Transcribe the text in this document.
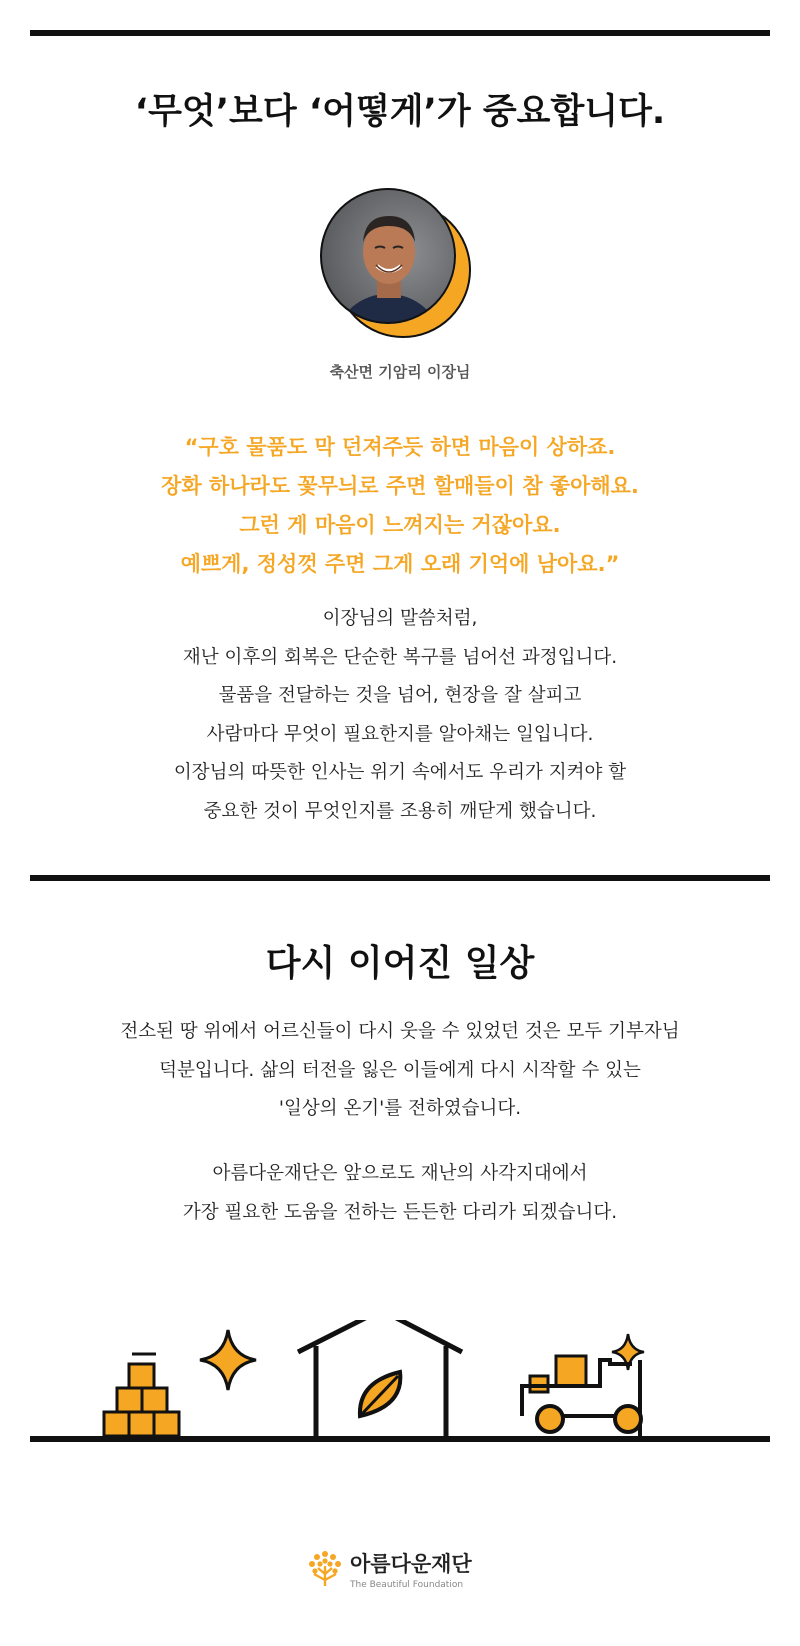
‘무엇’보다 ‘어떻게’가 중요합니다.
축산면 기암리 이장님
“구호 물품도 막 던져주듯 하면 마음이 상하죠.
장화 하나라도 꽃무늬로 주면 할매들이 참 좋아해요.
그런 게 마음이 느껴지는 거잖아요.
예쁘게, 정성껏 주면 그게 오래 기억에 남아요.”
이장님의 말씀처럼,
재난 이후의 회복은 단순한 복구를 넘어선 과정입니다.
물품을 전달하는 것을 넘어, 현장을 잘 살피고
사람마다 무엇이 필요한지를 알아채는 일입니다.
이장님의 따뜻한 인사는 위기 속에서도 우리가 지켜야 할
중요한 것이 무엇인지를 조용히 깨닫게 했습니다.
다시 이어진 일상
전소된 땅 위에서 어르신들이 다시 웃을 수 있었던 것은 모두 기부자님
덕분입니다. 삶의 터전을 잃은 이들에게 다시 시작할 수 있는
'일상의 온기'를 전하였습니다.
아름다운재단은 앞으로도 재난의 사각지대에서
가장 필요한 도움을 전하는 든든한 다리가 되겠습니다.
아름다운재단
The Beautiful Foundation
